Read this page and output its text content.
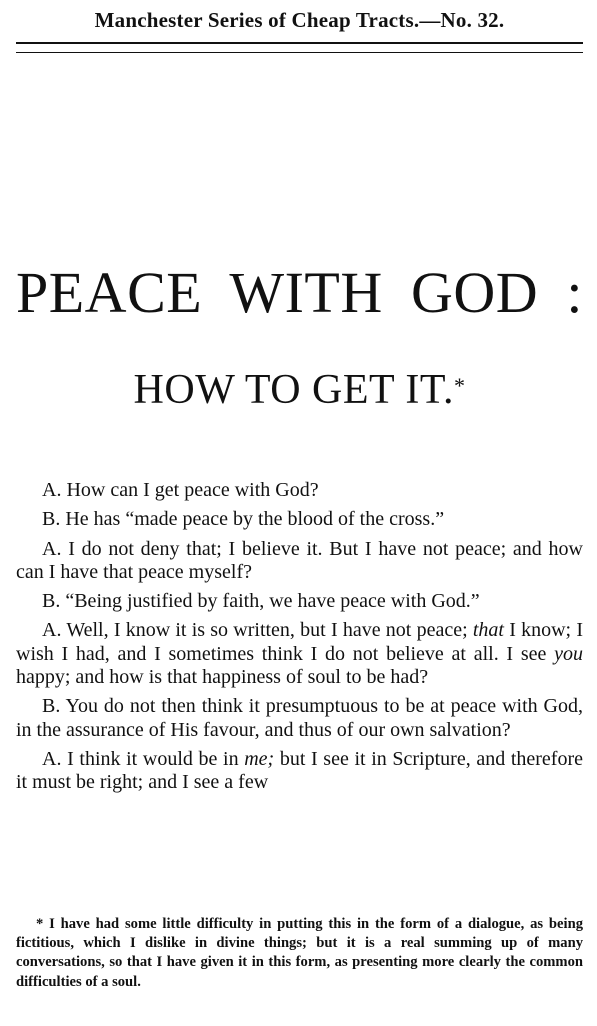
Manchester Series of Cheap Tracts.—No. 32.
PEACE WITH GOD :
HOW TO GET IT.*

A. How can I get peace with God?

B. He has “made peace by the blood of the cross.”

A. I do not deny that; I believe it. But I have not peace; and how can I have that peace myself?

B. “Being justified by faith, we have peace with God.”

A. Well, I know it is so written, but I have not peace; that I know; I wish I had, and I sometimes think I do not believe at all. I see you happy; and how is that happiness of soul to be had?

B. You do not then think it presumptuous to be at peace with God, in the assurance of His favour, and thus of our own salvation?

A. I think it would be in me; but I see it in Scripture, and therefore it must be right; and I see a few

* I have had some little difficulty in putting this in the form of a dialogue, as being fictitious, which I dislike in divine things; but it is a real summing up of many conversations, so that I have given it in this form, as presenting more clearly the common difficulties of a soul.
